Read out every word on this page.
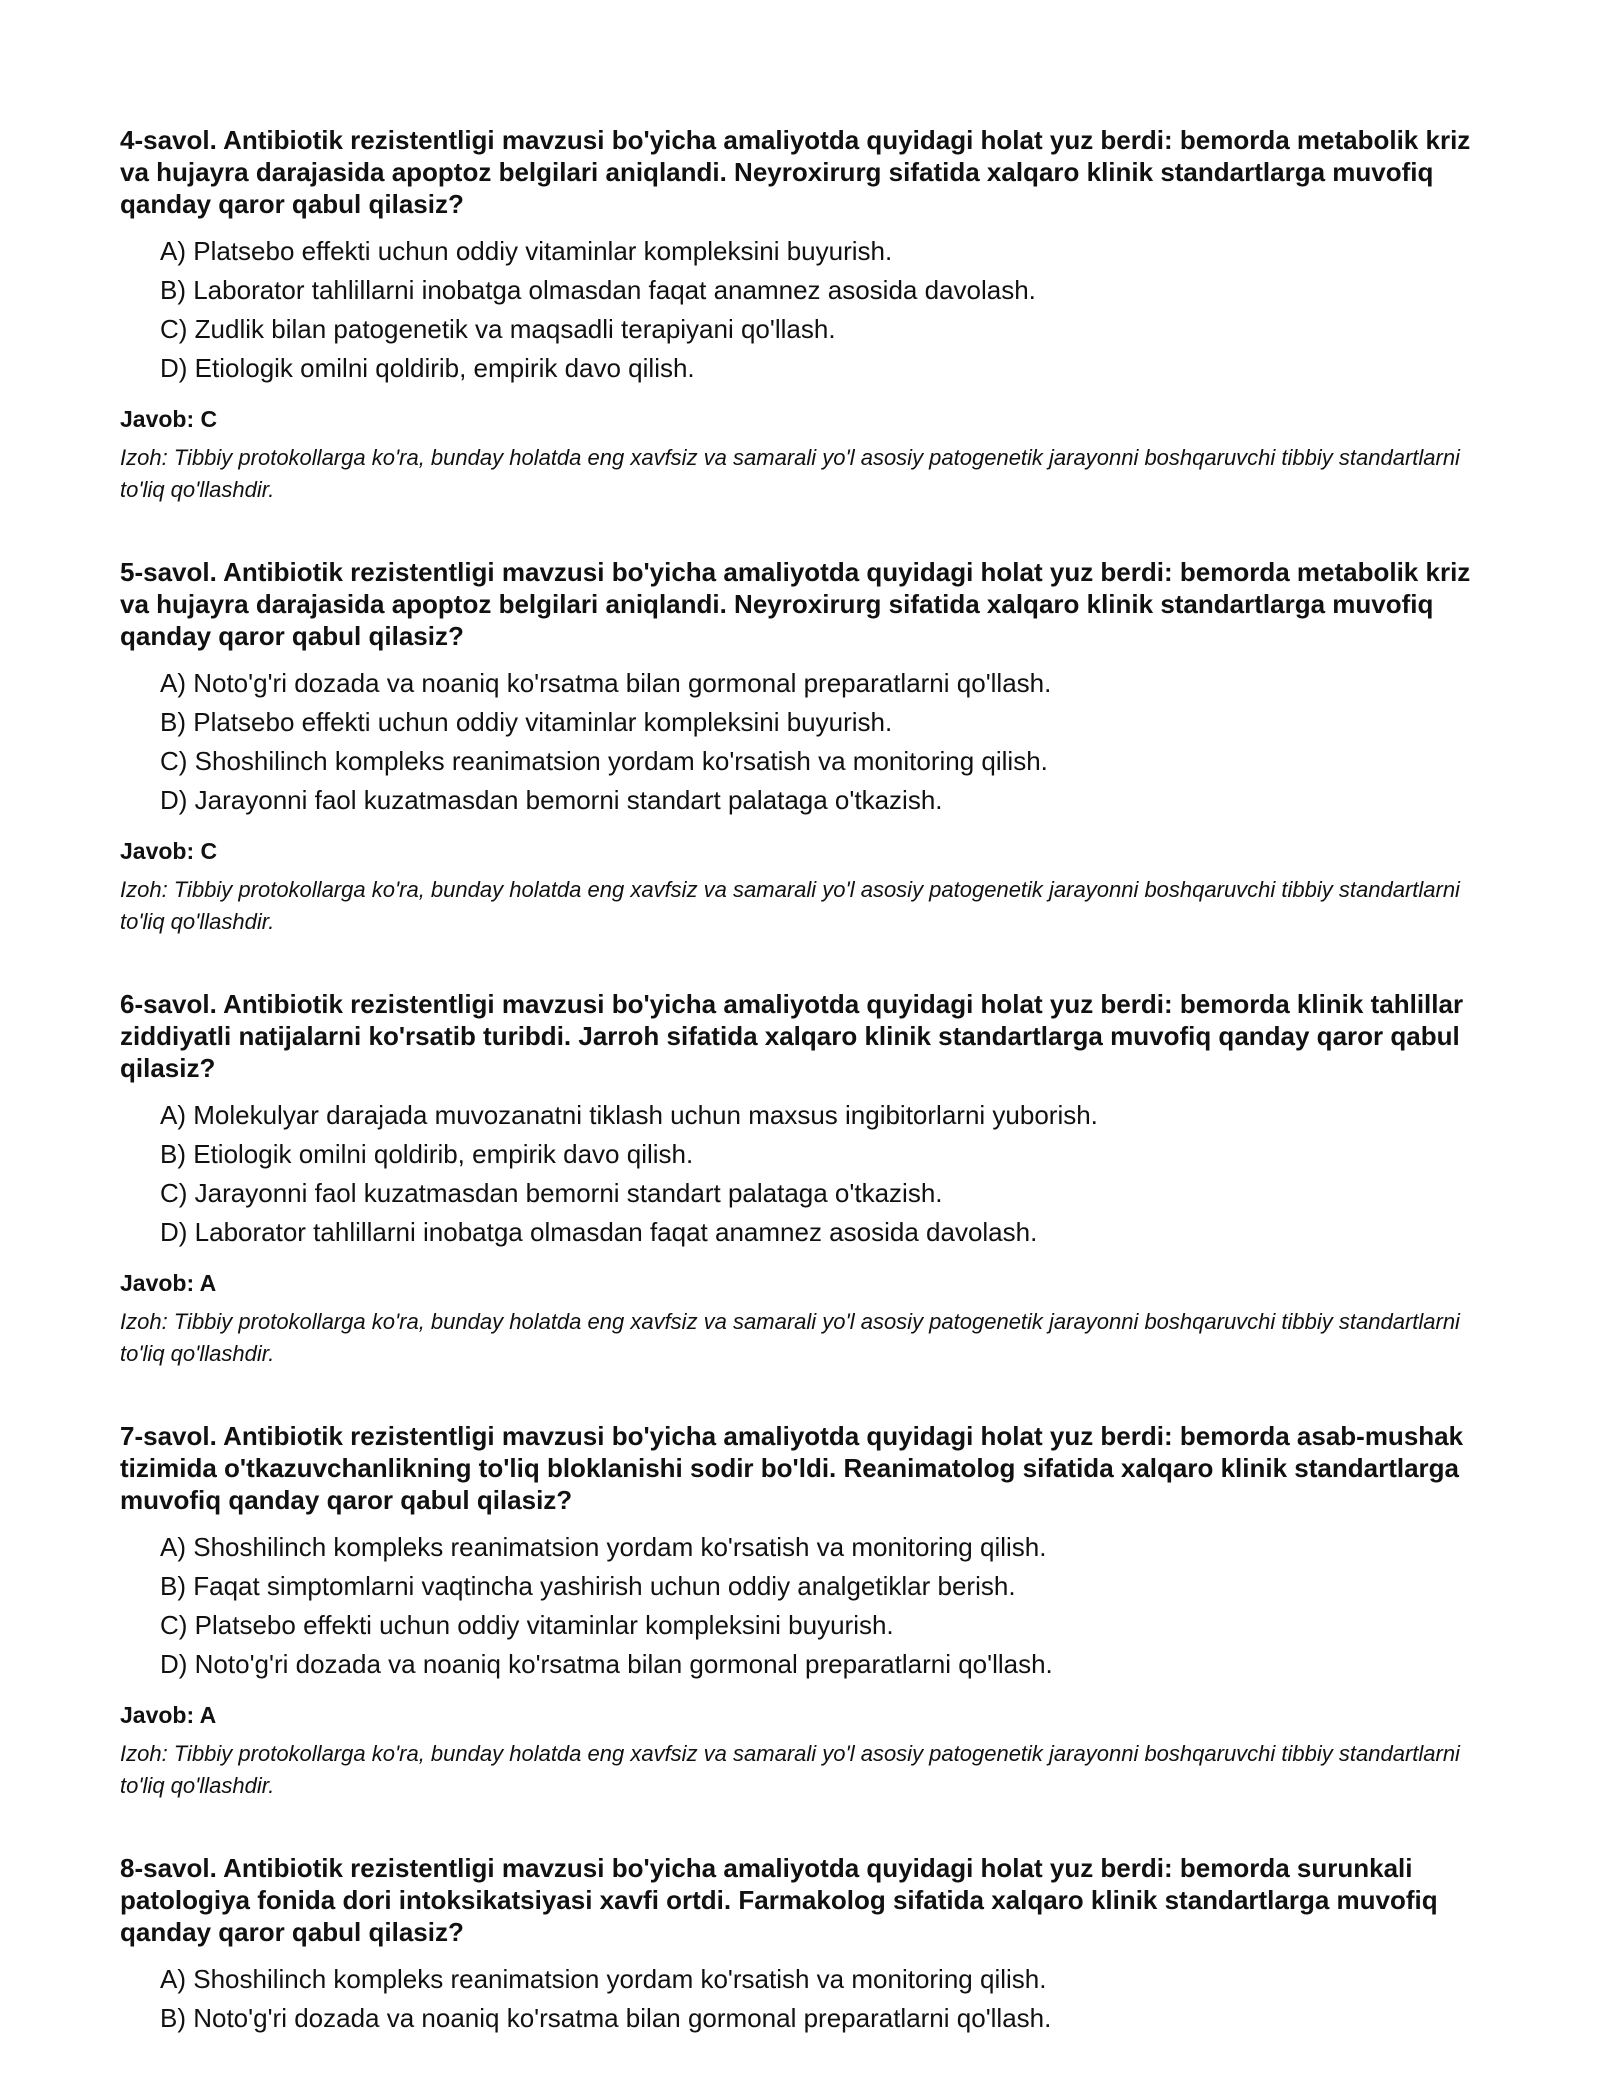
4-savol. Antibiotik rezistentligi mavzusi bo'yicha amaliyotda quyidagi holat yuz berdi: bemorda metabolik kriz va hujayra darajasida apoptoz belgilari aniqlandi. Neyroxirurg sifatida xalqaro klinik standartlarga muvofiq qanday qaror qabul qilasiz?

A) Platsebo effekti uchun oddiy vitaminlar kompleksini buyurish.
B) Laborator tahlillarni inobatga olmasdan faqat anamnez asosida davolash.
C) Zudlik bilan patogenetik va maqsadli terapiyani qo'llash.
D) Etiologik omilni qoldirib, empirik davo qilish.

Javob: C

Izoh: Tibbiy protokollarga ko'ra, bunday holatda eng xavfsiz va samarali yo'l asosiy patogenetik jarayonni boshqaruvchi tibbiy standartlarni to'liq qo'llashdir.

5-savol. Antibiotik rezistentligi mavzusi bo'yicha amaliyotda quyidagi holat yuz berdi: bemorda metabolik kriz va hujayra darajasida apoptoz belgilari aniqlandi. Neyroxirurg sifatida xalqaro klinik standartlarga muvofiq qanday qaror qabul qilasiz?

A) Noto'g'ri dozada va noaniq ko'rsatma bilan gormonal preparatlarni qo'llash.
B) Platsebo effekti uchun oddiy vitaminlar kompleksini buyurish.
C) Shoshilinch kompleks reanimatsion yordam ko'rsatish va monitoring qilish.
D) Jarayonni faol kuzatmasdan bemorni standart palataga o'tkazish.

Javob: C

Izoh: Tibbiy protokollarga ko'ra, bunday holatda eng xavfsiz va samarali yo'l asosiy patogenetik jarayonni boshqaruvchi tibbiy standartlarni to'liq qo'llashdir.

6-savol. Antibiotik rezistentligi mavzusi bo'yicha amaliyotda quyidagi holat yuz berdi: bemorda klinik tahlillar ziddiyatli natijalarni ko'rsatib turibdi. Jarroh sifatida xalqaro klinik standartlarga muvofiq qanday qaror qabul qilasiz?

A) Molekulyar darajada muvozanatni tiklash uchun maxsus ingibitorlarni yuborish.
B) Etiologik omilni qoldirib, empirik davo qilish.
C) Jarayonni faol kuzatmasdan bemorni standart palataga o'tkazish.
D) Laborator tahlillarni inobatga olmasdan faqat anamnez asosida davolash.

Javob: A

Izoh: Tibbiy protokollarga ko'ra, bunday holatda eng xavfsiz va samarali yo'l asosiy patogenetik jarayonni boshqaruvchi tibbiy standartlarni to'liq qo'llashdir.

7-savol. Antibiotik rezistentligi mavzusi bo'yicha amaliyotda quyidagi holat yuz berdi: bemorda asab-mushak tizimida o'tkazuvchanlikning to'liq bloklanishi sodir bo'ldi. Reanimatolog sifatida xalqaro klinik standartlarga muvofiq qanday qaror qabul qilasiz?

A) Shoshilinch kompleks reanimatsion yordam ko'rsatish va monitoring qilish.
B) Faqat simptomlarni vaqtincha yashirish uchun oddiy analgetiklar berish.
C) Platsebo effekti uchun oddiy vitaminlar kompleksini buyurish.
D) Noto'g'ri dozada va noaniq ko'rsatma bilan gormonal preparatlarni qo'llash.

Javob: A

Izoh: Tibbiy protokollarga ko'ra, bunday holatda eng xavfsiz va samarali yo'l asosiy patogenetik jarayonni boshqaruvchi tibbiy standartlarni to'liq qo'llashdir.

8-savol. Antibiotik rezistentligi mavzusi bo'yicha amaliyotda quyidagi holat yuz berdi: bemorda surunkali patologiya fonida dori intoksikatsiyasi xavfi ortdi. Farmakolog sifatida xalqaro klinik standartlarga muvofiq qanday qaror qabul qilasiz?

A) Shoshilinch kompleks reanimatsion yordam ko'rsatish va monitoring qilish.
B) Noto'g'ri dozada va noaniq ko'rsatma bilan gormonal preparatlarni qo'llash.
